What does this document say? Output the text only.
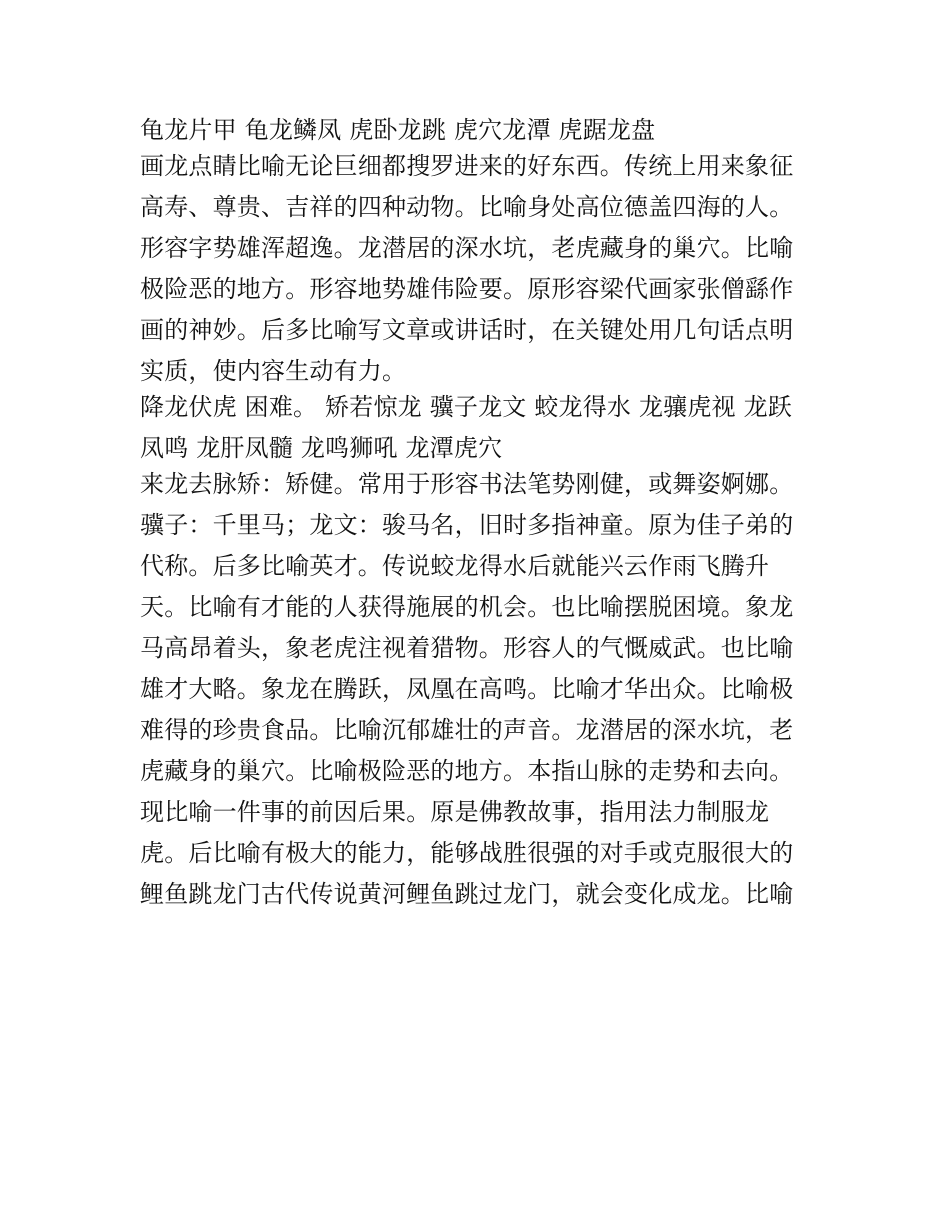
龟龙片甲 龟龙鳞凤 虎卧龙跳 虎穴龙潭 虎踞龙盘
画龙点睛比喻无论巨细都搜罗进来的好东西。传统上用来象征
高寿、尊贵、吉祥的四种动物。比喻身处高位德盖四海的人。
形容字势雄浑超逸。龙潜居的深水坑，老虎藏身的巢穴。比喻
极险恶的地方。形容地势雄伟险要。原形容梁代画家张僧繇作
画的神妙。后多比喻写文章或讲话时，在关键处用几句话点明
实质，使内容生动有力。
降龙伏虎 困难。 矫若惊龙 骥子龙文 蛟龙得水 龙骧虎视 龙跃
凤鸣 龙肝凤髓 龙鸣狮吼 龙潭虎穴
来龙去脉矫：矫健。常用于形容书法笔势刚健，或舞姿婀娜。
骥子：千里马；龙文：骏马名，旧时多指神童。原为佳子弟的
代称。后多比喻英才。传说蛟龙得水后就能兴云作雨飞腾升
天。比喻有才能的人获得施展的机会。也比喻摆脱困境。象龙
马高昂着头，象老虎注视着猎物。形容人的气慨威武。也比喻
雄才大略。象龙在腾跃，凤凰在高鸣。比喻才华出众。比喻极
难得的珍贵食品。比喻沉郁雄壮的声音。龙潜居的深水坑，老
虎藏身的巢穴。比喻极险恶的地方。本指山脉的走势和去向。
现比喻一件事的前因后果。原是佛教故事，指用法力制服龙
虎。后比喻有极大的能力，能够战胜很强的对手或克服很大的
鲤鱼跳龙门古代传说黄河鲤鱼跳过龙门，就会变化成龙。比喻
